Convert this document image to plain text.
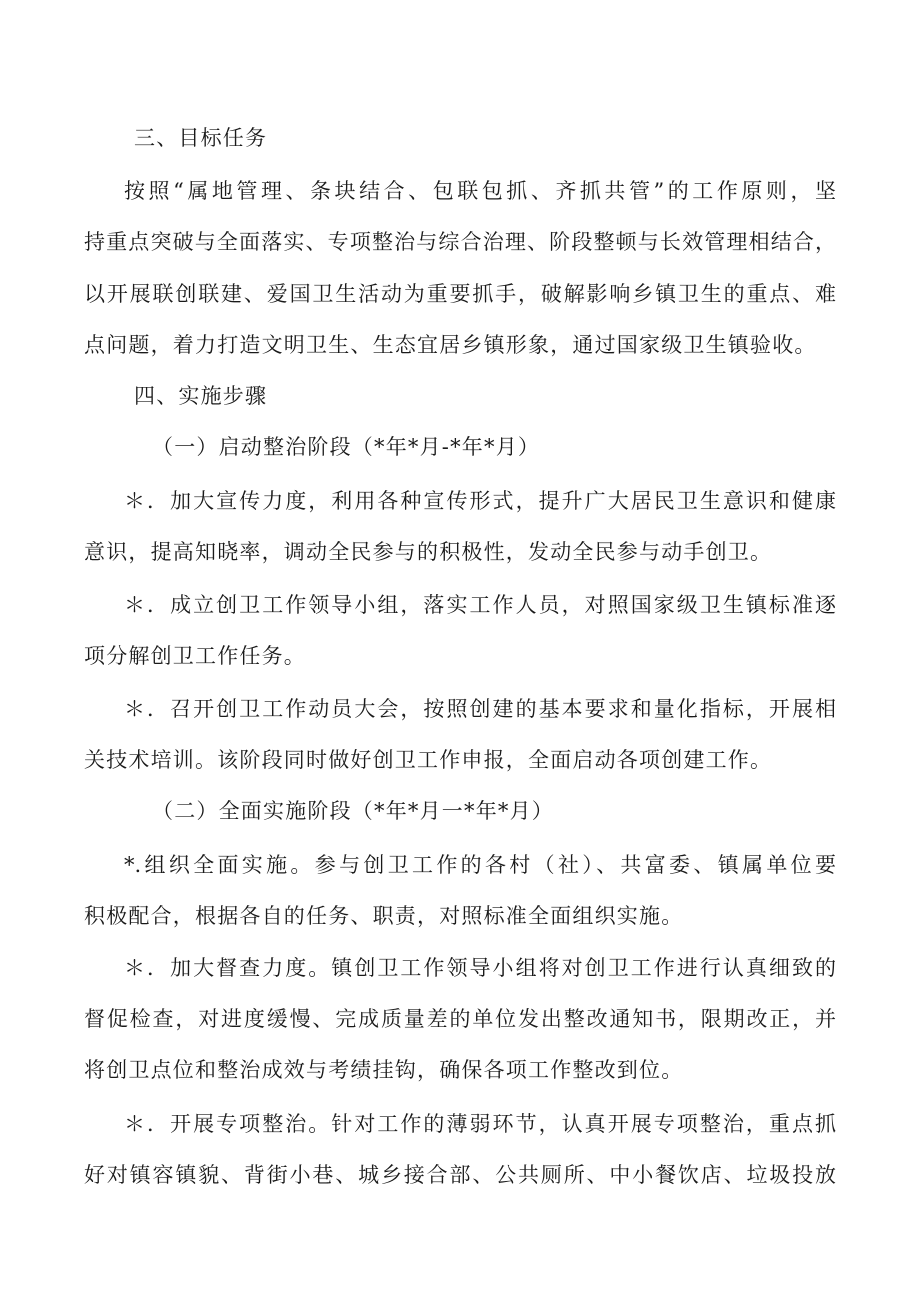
三、目标任务
按照“属地管理、条块结合、包联包抓、齐抓共管”的工作原则，坚
持重点突破与全面落实、专项整治与综合治理、阶段整顿与长效管理相结合，
以开展联创联建、爱国卫生活动为重要抓手，破解影响乡镇卫生的重点、难
点问题，着力打造文明卫生、生态宜居乡镇形象，通过国家级卫生镇验收。
四、实施步骤
（一）启动整治阶段（*年*月-*年*月）
＊．加大宣传力度，利用各种宣传形式，提升广大居民卫生意识和健康
意识，提高知晓率，调动全民参与的积极性，发动全民参与动手创卫。
＊．成立创卫工作领导小组，落实工作人员，对照国家级卫生镇标准逐
项分解创卫工作任务。
＊．召开创卫工作动员大会，按照创建的基本要求和量化指标，开展相
关技术培训。该阶段同时做好创卫工作申报，全面启动各项创建工作。
（二）全面实施阶段（*年*月一*年*月）
*.组织全面实施。参与创卫工作的各村（社）、共富委、镇属单位要
积极配合，根据各自的任务、职责，对照标准全面组织实施。
＊．加大督查力度。镇创卫工作领导小组将对创卫工作进行认真细致的
督促检查，对进度缓慢、完成质量差的单位发出整改通知书，限期改正，并
将创卫点位和整治成效与考绩挂钩，确保各项工作整改到位。
＊．开展专项整治。针对工作的薄弱环节，认真开展专项整治，重点抓
好对镇容镇貌、背街小巷、城乡接合部、公共厕所、中小餐饮店、垃圾投放
